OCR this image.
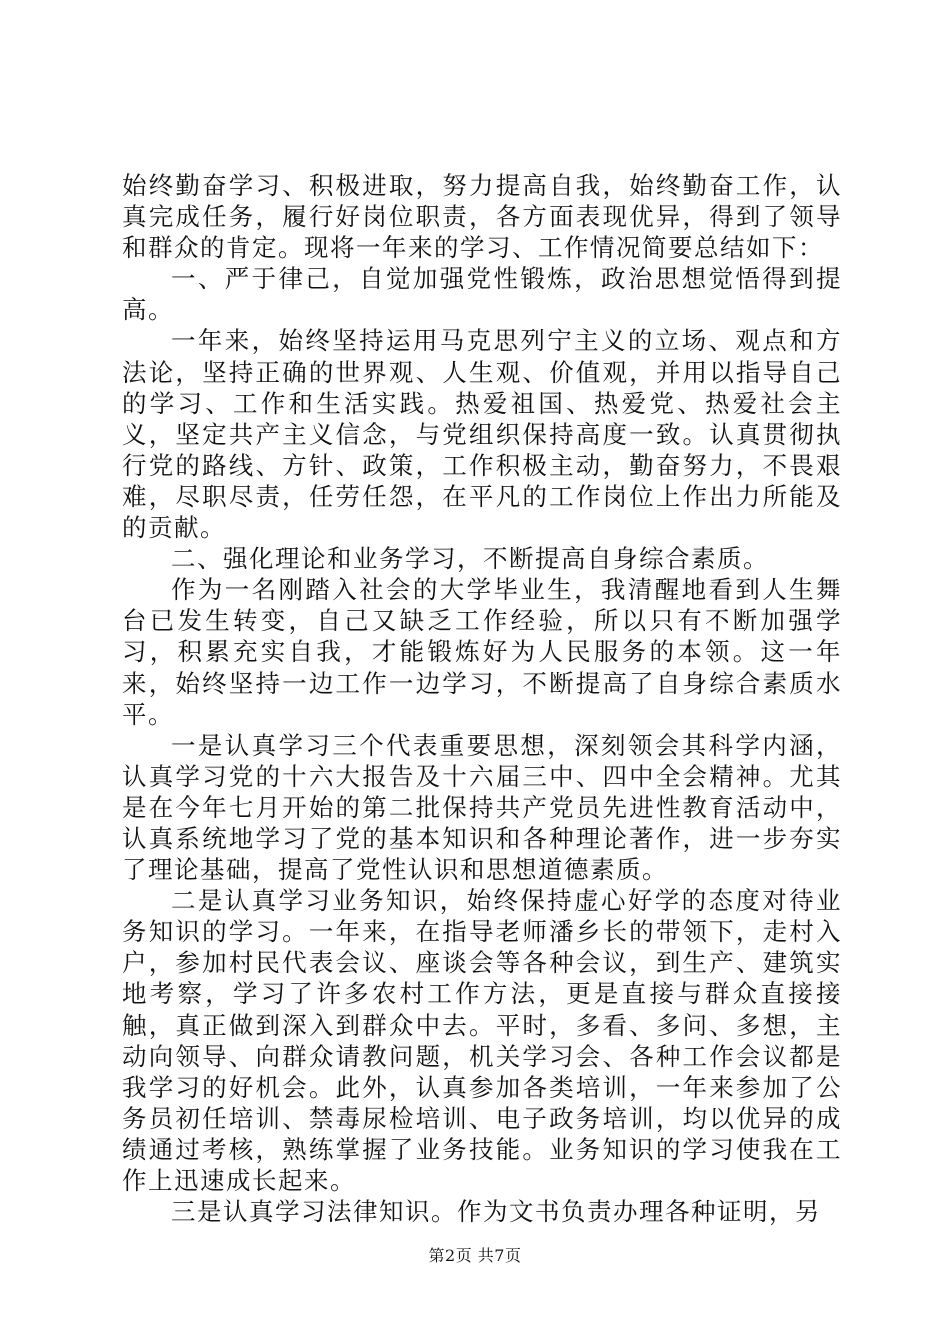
始终勤奋学习、积极进取，努力提高自我，始终勤奋工作，认真完成任务，履行好岗位职责，各方面表现优异，得到了领导和群众的肯定。现将一年来的学习、工作情况简要总结如下：

一、严于律己，自觉加强党性锻炼，政治思想觉悟得到提高。

一年来，始终坚持运用马克思列宁主义的立场、观点和方法论，坚持正确的世界观、人生观、价值观，并用以指导自己的学习、工作和生活实践。热爱祖国、热爱党、热爱社会主义，坚定共产主义信念，与党组织保持高度一致。认真贯彻执行党的路线、方针、政策，工作积极主动，勤奋努力，不畏艰难，尽职尽责，任劳任怨，在平凡的工作岗位上作出力所能及的贡献。

二、强化理论和业务学习，不断提高自身综合素质。

作为一名刚踏入社会的大学毕业生，我清醒地看到人生舞台已发生转变，自己又缺乏工作经验，所以只有不断加强学习，积累充实自我，才能锻炼好为人民服务的本领。这一年来，始终坚持一边工作一边学习，不断提高了自身综合素质水平。

一是认真学习三个代表重要思想，深刻领会其科学内涵，认真学习党的十六大报告及十六届三中、四中全会精神。尤其是在今年七月开始的第二批保持共产党员先进性教育活动中，认真系统地学习了党的基本知识和各种理论著作，进一步夯实了理论基础，提高了党性认识和思想道德素质。

二是认真学习业务知识，始终保持虚心好学的态度对待业务知识的学习。一年来，在指导老师潘乡长的带领下，走村入户，参加村民代表会议、座谈会等各种会议，到生产、建筑实地考察，学习了许多农村工作方法，更是直接与群众直接接触，真正做到深入到群众中去。平时，多看、多问、多想，主动向领导、向群众请教问题，机关学习会、各种工作会议都是我学习的好机会。此外，认真参加各类培训，一年来参加了公务员初任培训、禁毒尿检培训、电子政务培训，均以优异的成绩通过考核，熟练掌握了业务技能。业务知识的学习使我在工作上迅速成长起来。

三是认真学习法律知识。作为文书负责办理各种证明，另

第2页 共7页
